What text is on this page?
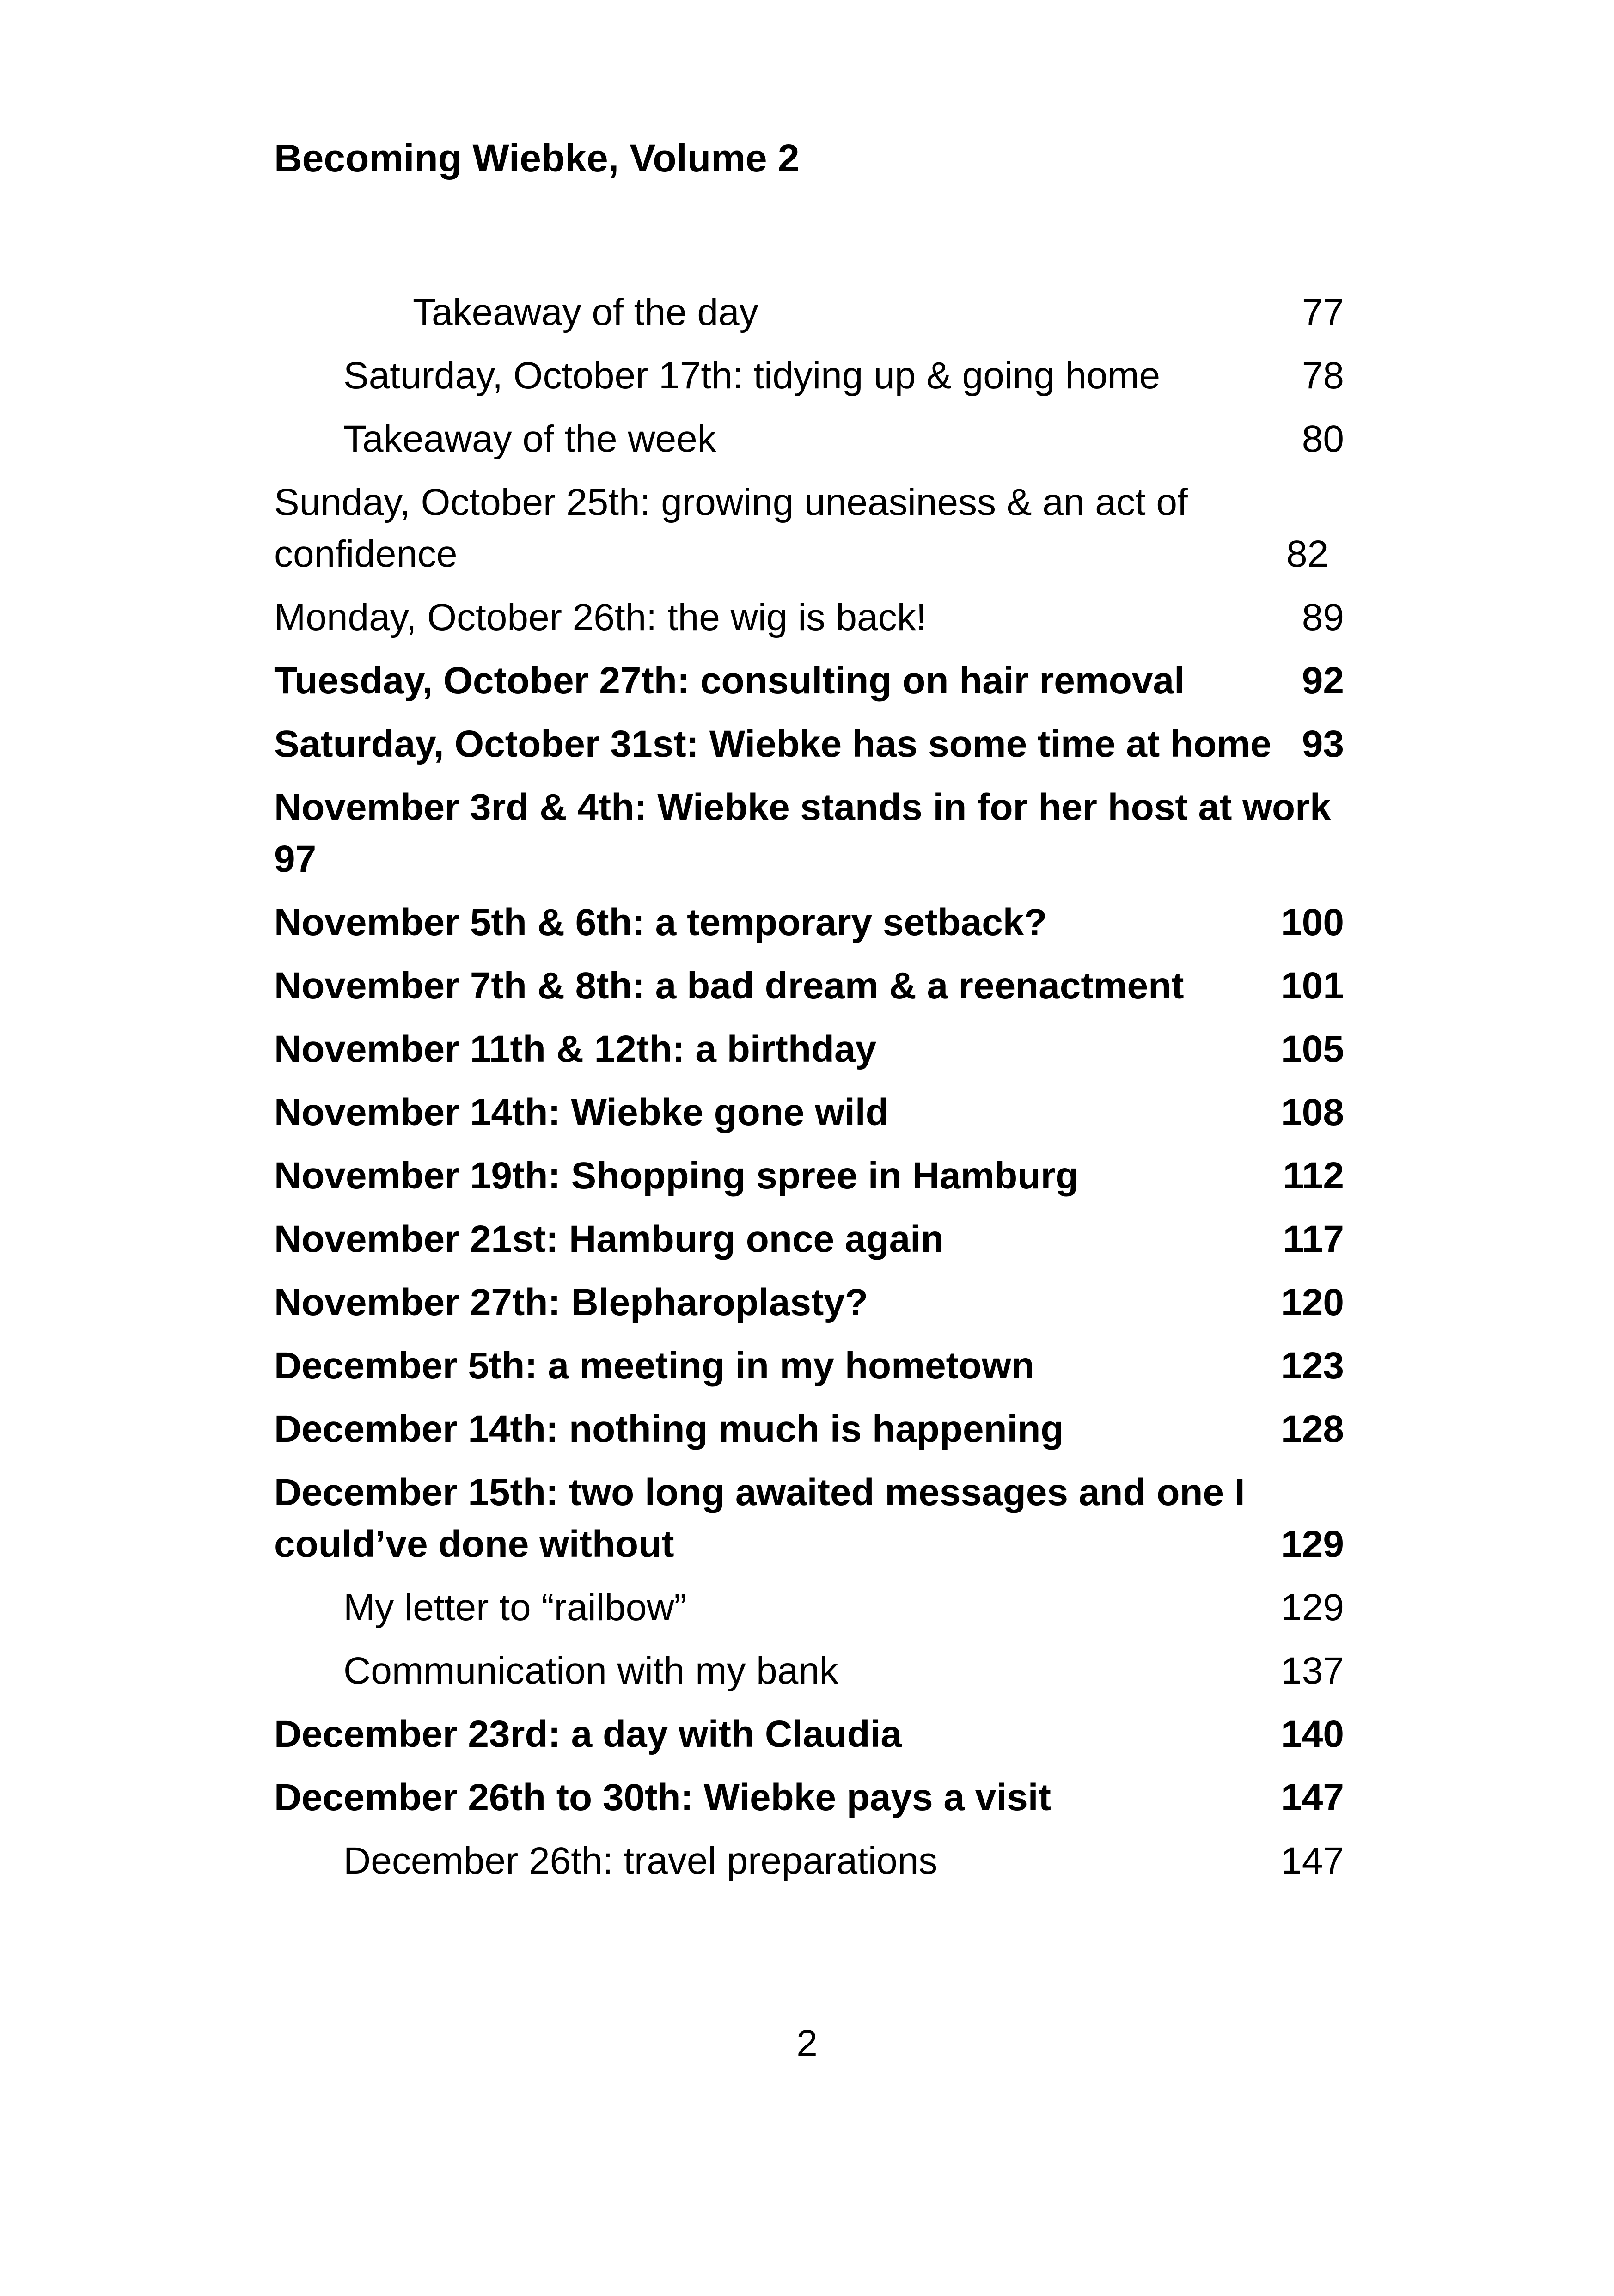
Becoming Wiebke, Volume 2
Takeaway of the day	77
Saturday, October 17th: tidying up & going home	78
Takeaway of the week	80
Sunday, October 25th: growing uneasiness & an act of confidence	82
Monday, October 26th: the wig is back!	89
Tuesday, October 27th: consulting on hair removal	92
Saturday, October 31st: Wiebke has some time at home 93
November 3rd & 4th: Wiebke stands in for her host at work
97
November 5th & 6th: a temporary setback?	100
November 7th & 8th: a bad dream & a reenactment	101
November 11th & 12th: a birthday	105
November 14th: Wiebke gone wild	108
November 19th: Shopping spree in Hamburg	112
November 21st: Hamburg once again	117
November 27th: Blepharoplasty?	120
December 5th: a meeting in my hometown	123
December 14th: nothing much is happening	128
December 15th: two long awaited messages and one I could’ve done without	129
My letter to “railbow”	129
Communication with my bank	137
December 23rd: a day with Claudia	140
December 26th to 30th: Wiebke pays a visit	147
December 26th: travel preparations	147
2
